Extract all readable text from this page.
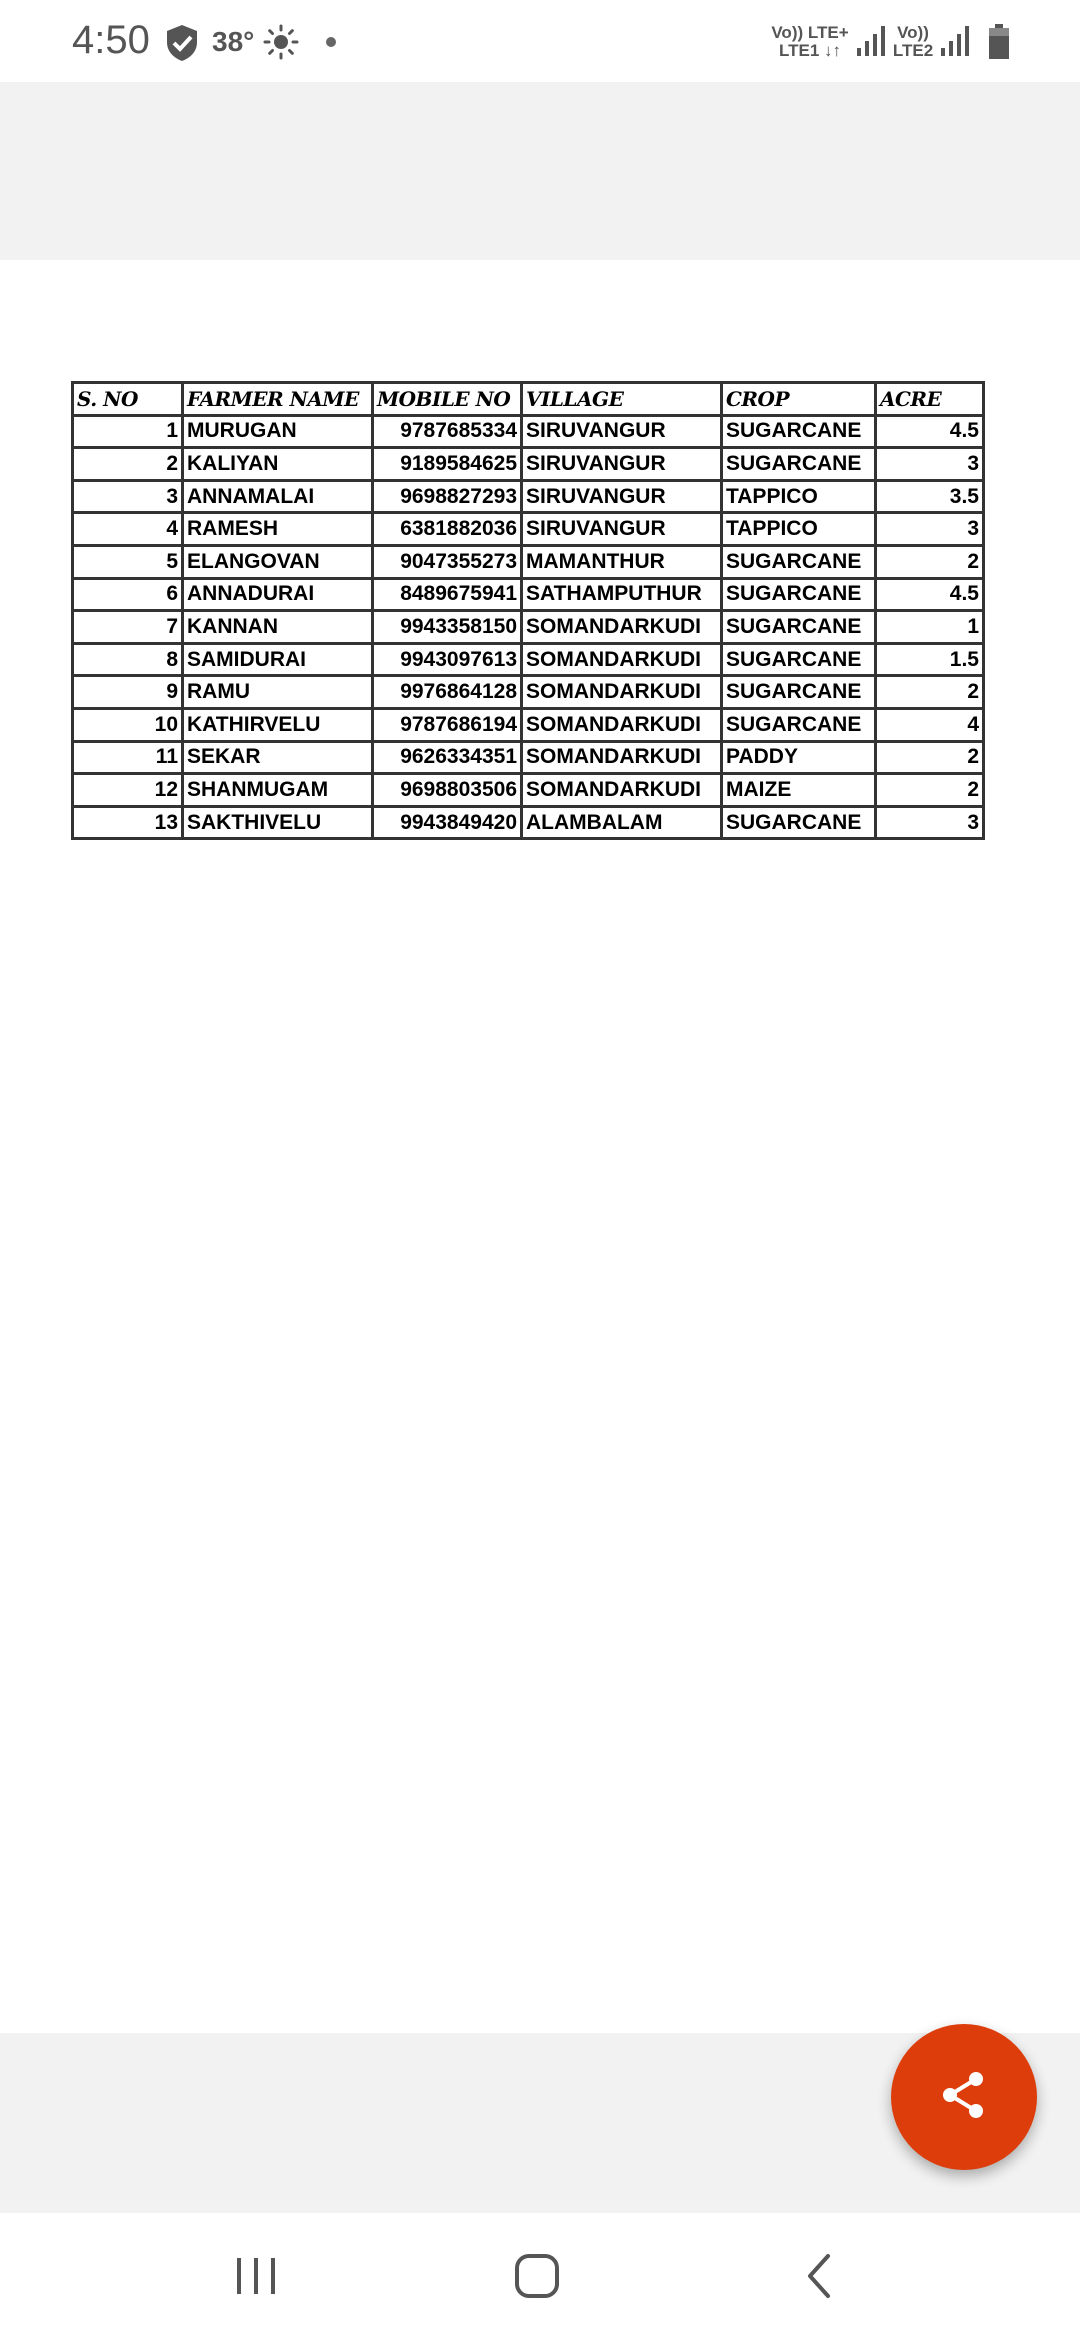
4:50 38°	Vo)) LTE+
LTE1 ↓↑
Vo))
LTE2
S. NO	FARMER NAME	MOBILE NO	VILLAGE	CROP	ACRE
1	MURUGAN	9787685334	SIRUVANGUR	SUGARCANE	4.5
2	KALIYAN	9189584625	SIRUVANGUR	SUGARCANE	3
3	ANNAMALAI	9698827293	SIRUVANGUR	TAPPICO	3.5
4	RAMESH	6381882036	SIRUVANGUR	TAPPICO	3
5	ELANGOVAN	9047355273	MAMANTHUR	SUGARCANE	2
6	ANNADURAI	8489675941	SATHAMPUTHUR	SUGARCANE	4.5
7	KANNAN	9943358150	SOMANDARKUDI	SUGARCANE	1
8	SAMIDURAI	9943097613	SOMANDARKUDI	SUGARCANE	1.5
9	RAMU	9976864128	SOMANDARKUDI	SUGARCANE	2
10	KATHIRVELU	9787686194	SOMANDARKUDI	SUGARCANE	4
11	SEKAR	9626334351	SOMANDARKUDI	PADDY	2
12	SHANMUGAM	9698803506	SOMANDARKUDI	MAIZE	2
13	SAKTHIVELU	9943849420	ALAMBALAM	SUGARCANE	3
